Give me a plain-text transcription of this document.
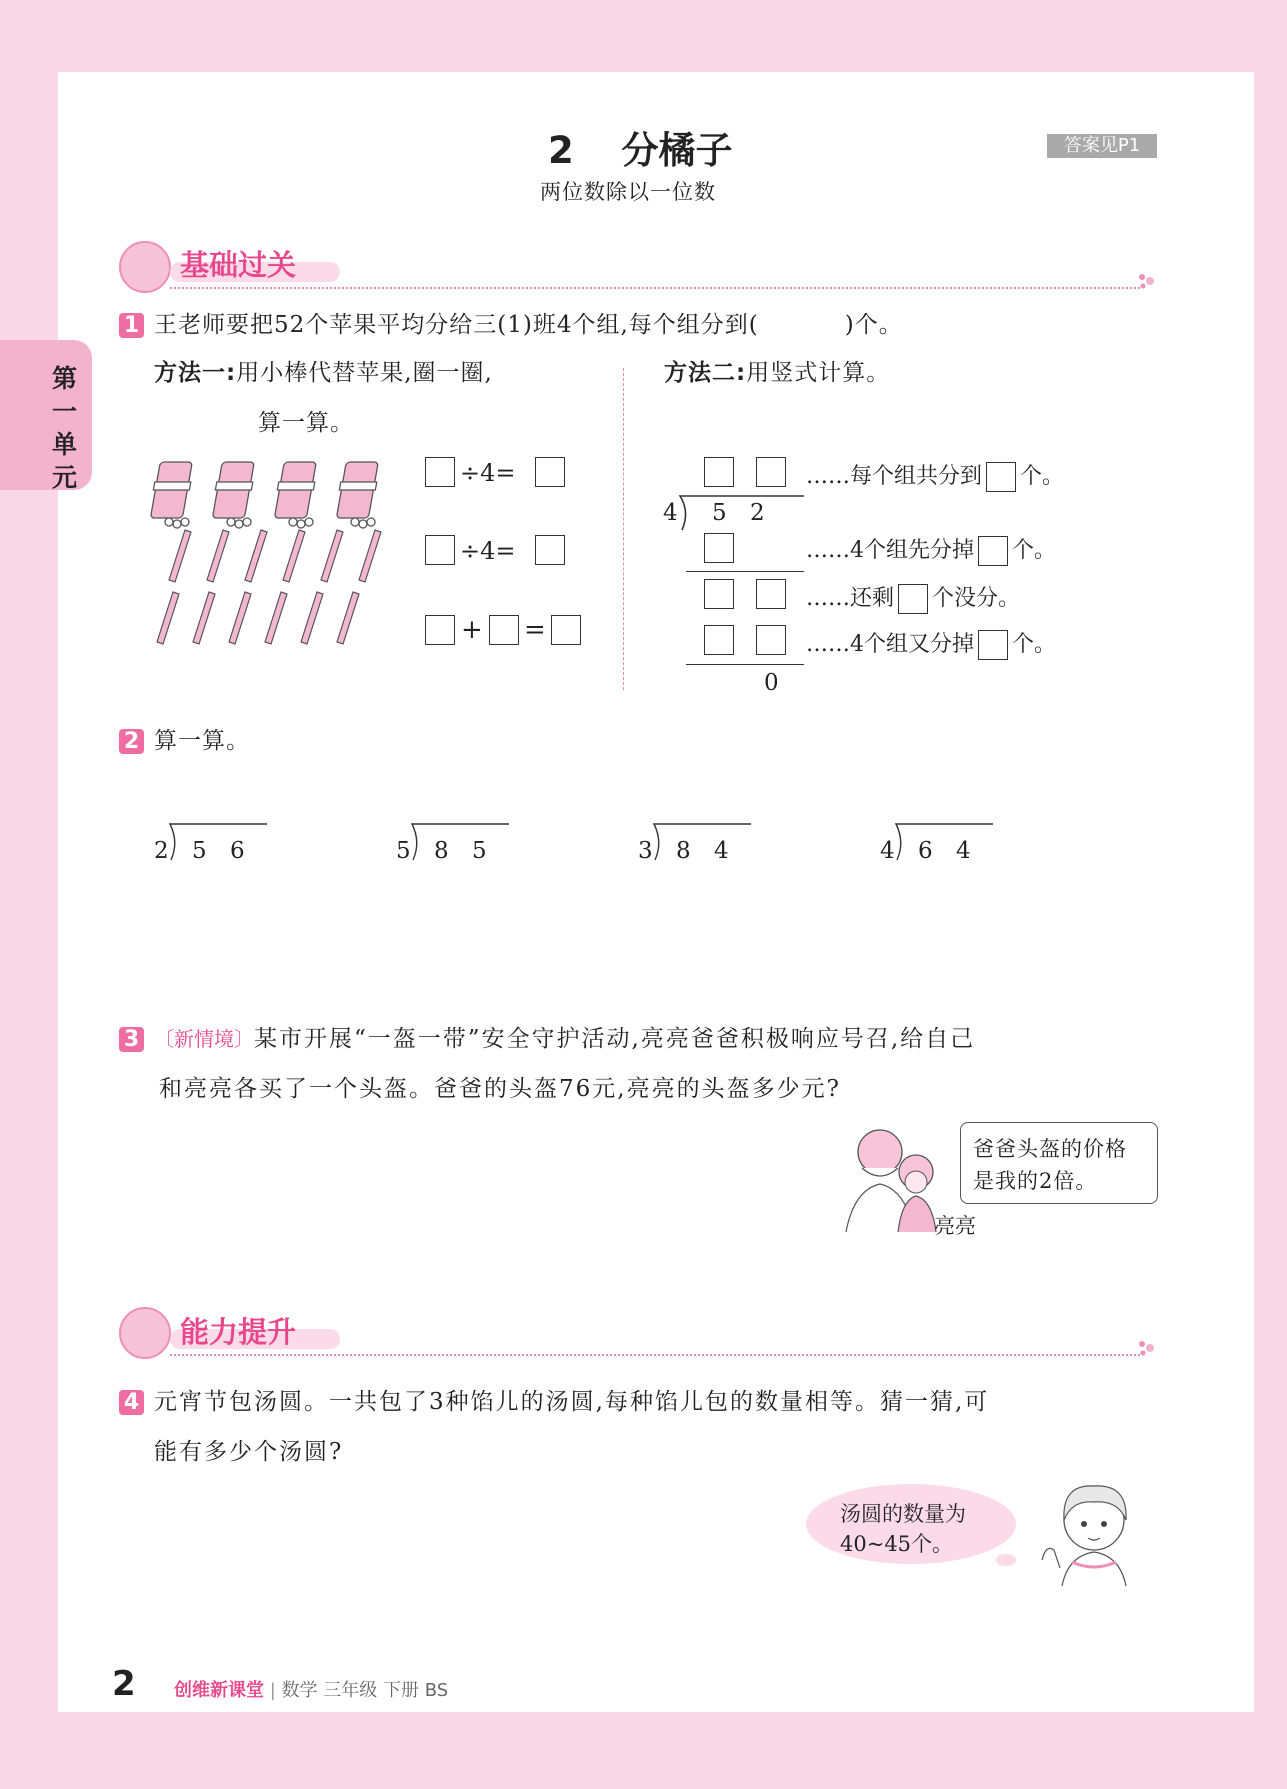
第一单元
2 分橘子
两位数除以一位数
答案见P1
基础过关
1 王老师要把52个苹果平均分给三(1)班4个组,每个组分到(	)个。
方法一:用小棒代替苹果,圈一圈,
算一算。
方法二:用竖式计算。
÷4=
÷4=
+ =
……每个组共分到 个。
4 5 2
……4个组先分掉 个。
……还剩 个没分。
……4个组又分掉 个。
0
2 算一算。
2 5 6	5 8 5	3 8 4	4 6 4
3 〔新情境〕某市开展“一盔一带”安全守护活动,亮亮爸爸积极响应号召,给自己
和亮亮各买了一个头盔。爸爸的头盔76元,亮亮的头盔多少元?
爸爸头盔的价格
是我的2倍。
亮亮
能力提升
4 元宵节包汤圆。一共包了3种馅儿的汤圆,每种馅儿包的数量相等。猜一猜,可
能有多少个汤圆?
汤圆的数量为
40~45个。
2 创维新课堂 | 数学 三年级 下册 BS
